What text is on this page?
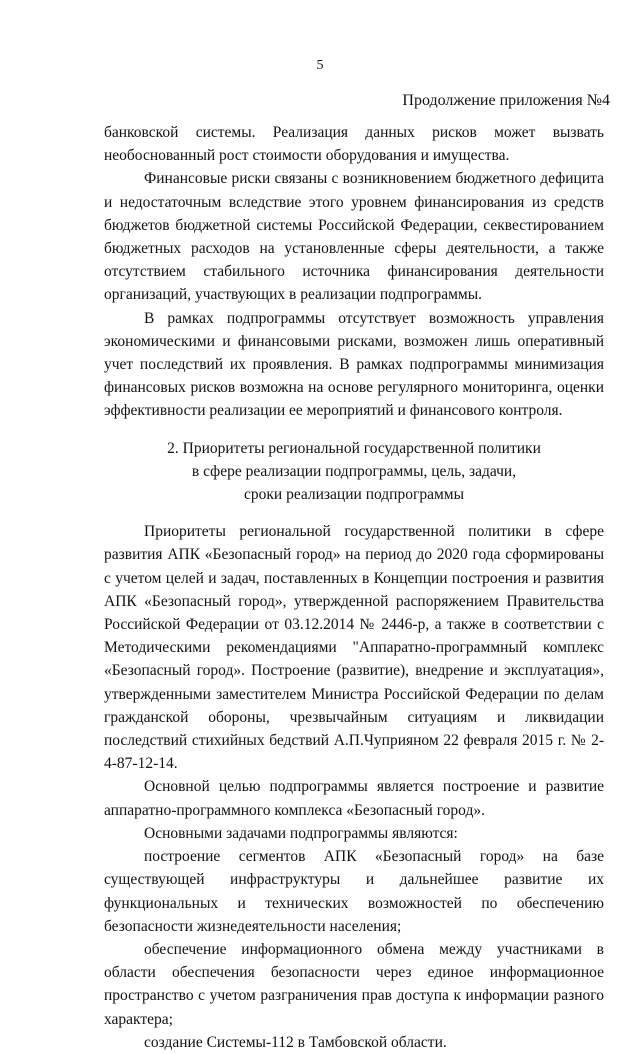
5
Продолжение приложения №4

банковской системы. Реализация данных рисков может вызвать необоснованный рост стоимости оборудования и имущества.

Финансовые риски связаны с возникновением бюджетного дефицита и недостаточным вследствие этого уровнем финансирования из средств бюджетов бюджетной системы Российской Федерации, секвестированием бюджетных расходов на установленные сферы деятельности, а также отсутствием стабильного источника финансирования деятельности организаций, участвующих в реализации подпрограммы.

В рамках подпрограммы отсутствует возможность управления экономическими и финансовыми рисками, возможен лишь оперативный учет последствий их проявления. В рамках подпрограммы минимизация финансовых рисков возможна на основе регулярного мониторинга, оценки эффективности реализации ее мероприятий и финансового контроля.

2. Приоритеты региональной государственной политики
в сфере реализации подпрограммы, цель, задачи,
сроки реализации подпрограммы

Приоритеты региональной государственной политики в сфере развития АПК «Безопасный город» на период до 2020 года сформированы с учетом целей и задач, поставленных в Концепции построения и развития АПК «Безопасный город», утвержденной распоряжением Правительства Российской Федерации от 03.12.2014 № 2446-р, а также в соответствии с Методическими рекомендациями "Аппаратно-программный комплекс «Безопасный город». Построение (развитие), внедрение и эксплуатация», утвержденными заместителем Министра Российской Федерации по делам гражданской обороны, чрезвычайным ситуациям и ликвидации последствий стихийных бедствий А.П.Чуприяном 22 февраля 2015 г. № 2-4-87-12-14.

Основной целью подпрограммы является построение и развитие аппаратно-программного комплекса «Безопасный город».

Основными задачами подпрограммы являются:

построение сегментов АПК «Безопасный город» на базе существующей инфраструктуры и дальнейшее развитие их функциональных и технических возможностей по обеспечению безопасности жизнедеятельности населения;

обеспечение информационного обмена между участниками в области обеспечения безопасности через единое информационное пространство с учетом разграничения прав доступа к информации разного характера;

создание Системы-112 в Тамбовской области.
